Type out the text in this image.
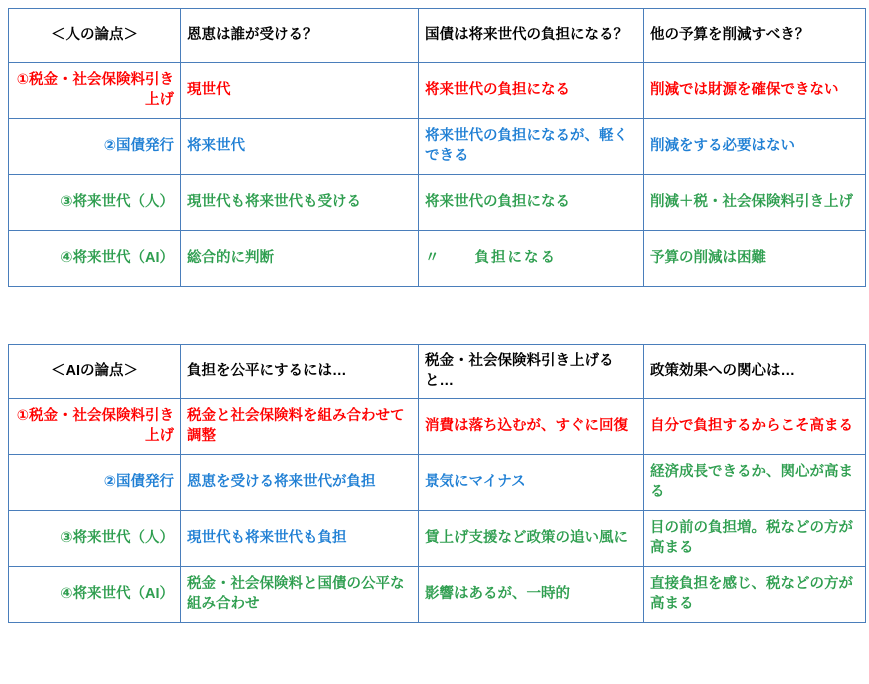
＜人の論点＞	恩恵は誰が受ける？	国債は将来世代の負担になる？	他の予算を削減すべき？
①税金・社会保険料引き上げ	現世代	将来世代の負担になる	削減では財源を確保できない
②国債発行	将来世代	将来世代の負担になるが、軽くできる	削減をする必要はない
③将来世代（人）	現世代も将来世代も受ける	将来世代の負担になる	削減＋税・社会保険料引き上げ
④将来世代（AI）	総合的に判断	〃　　負担になる	予算の削減は困難
＜AIの論点＞	負担を公平にするには…	税金・社会保険料引き上げると…	政策効果への関心は…
①税金・社会保険料引き上げ	税金と社会保険料を組み合わせて調整	消費は落ち込むが、すぐに回復	自分で負担するからこそ高まる
②国債発行	恩恵を受ける将来世代が負担	景気にマイナス	経済成長できるか、関心が高まる
③将来世代（人）	現世代も将来世代も負担	賃上げ支援など政策の追い風に	目の前の負担増。税などの方が高まる
④将来世代（AI）	税金・社会保険料と国債の公平な組み合わせ	影響はあるが、一時的	直接負担を感じ、税などの方が高まる
